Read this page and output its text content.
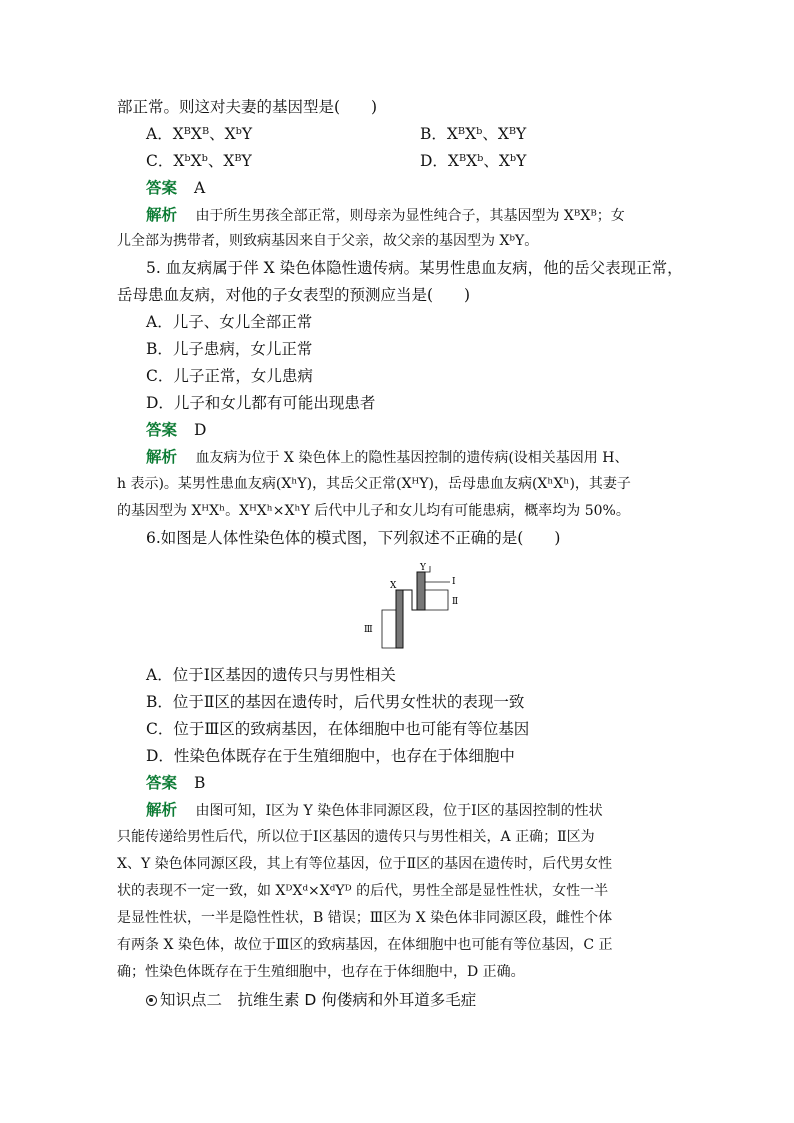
部正常。则这对夫妻的基因型是(　　)
A．XᴮXᴮ、XᵇY	B．XᴮXᵇ、XᴮY
C．XᵇXᵇ、XᴮY	D．XᴮXᵇ、XᵇY
答案 A
解析 由于所生男孩全部正常，则母亲为显性纯合子，其基因型为 XᴮXᴮ；女
儿全部为携带者，则致病基因来自于父亲，故父亲的基因型为 XᵇY。
5. 血友病属于伴 X 染色体隐性遗传病。某男性患血友病，他的岳父表现正常，
岳母患血友病，对他的子女表型的预测应当是(　　)
A．儿子、女儿全部正常
B．儿子患病，女儿正常
C．儿子正常，女儿患病
D．儿子和女儿都有可能出现患者
答案 D
解析 血友病为位于 X 染色体上的隐性基因控制的遗传病(设相关基因用 H、
h 表示)。某男性患血友病(XʰY)，其岳父正常(XᴴY)，岳母患血友病(XʰXʰ)，其妻子
的基因型为 XᴴXʰ。XᴴXʰ×XʰY 后代中儿子和女儿均有可能患病，概率均为 50%。
6.如图是人体性染色体的模式图，下列叙述不正确的是(　　)
X
Y
Ⅰ
Ⅱ
Ⅲ
A．位于Ⅰ区基因的遗传只与男性相关
B．位于Ⅱ区的基因在遗传时，后代男女性状的表现一致
C．位于Ⅲ区的致病基因，在体细胞中也可能有等位基因
D．性染色体既存在于生殖细胞中，也存在于体细胞中
答案 B
解析 由图可知，Ⅰ区为 Y 染色体非同源区段，位于Ⅰ区的基因控制的性状
只能传递给男性后代，所以位于Ⅰ区基因的遗传只与男性相关，A 正确；Ⅱ区为
X、Y 染色体同源区段，其上有等位基因，位于Ⅱ区的基因在遗传时，后代男女性
状的表现不一定一致，如 XᴰXᵈ×XᵈYᴰ 的后代，男性全部是显性性状，女性一半
是显性性状，一半是隐性性状，B 错误；Ⅲ区为 X 染色体非同源区段，雌性个体
有两条 X 染色体，故位于Ⅲ区的致病基因，在体细胞中也可能有等位基因，C 正
确；性染色体既存在于生殖细胞中，也存在于体细胞中，D 正确。
知识点二　抗维生素 D 佝偻病和外耳道多毛症
